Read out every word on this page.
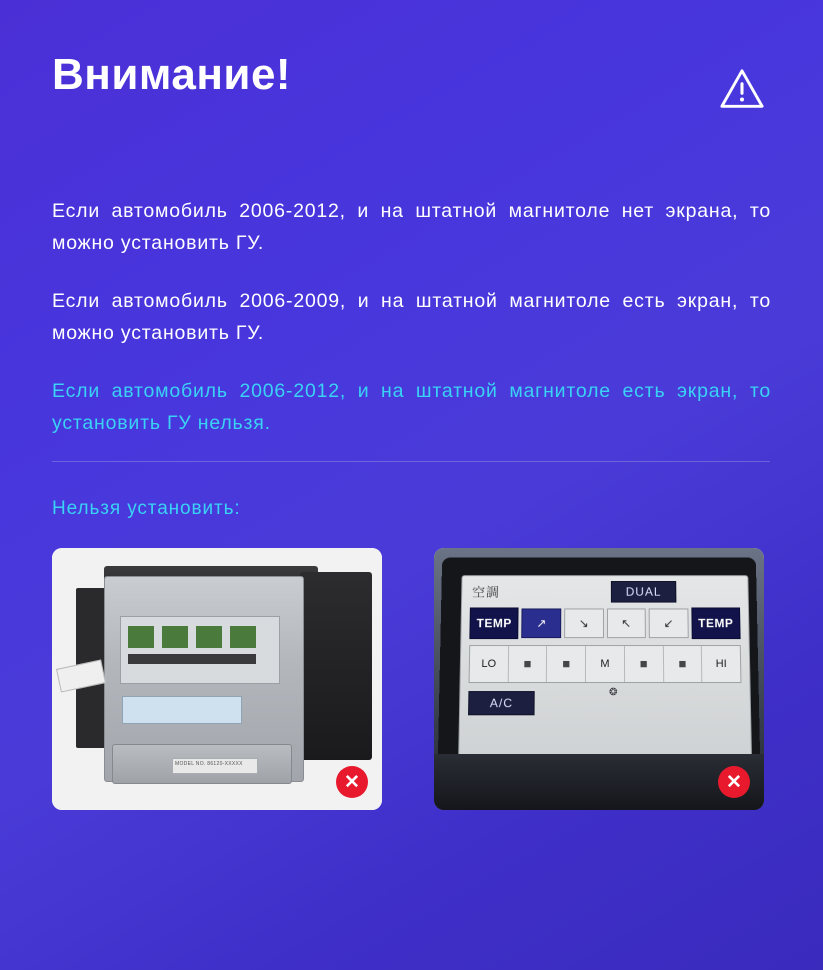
Внимание!

Если автомобиль 2006-2012, и на штатной магнитоле нет экрана, то можно установить ГУ.

Если автомобиль 2006-2009, и на штатной магнитоле есть экран, то можно установить ГУ.

Если автомобиль 2006-2012, и на штатной магнитоле есть экран, то установить ГУ нельзя.

Нельзя установить:
MODEL NO. 86120-XXXXX
✕
空調	DUAL
TEMP	↗	↘	↖	↙	TEMP
❂
LO	■	■	M	■	■	HI
A/C
✕
